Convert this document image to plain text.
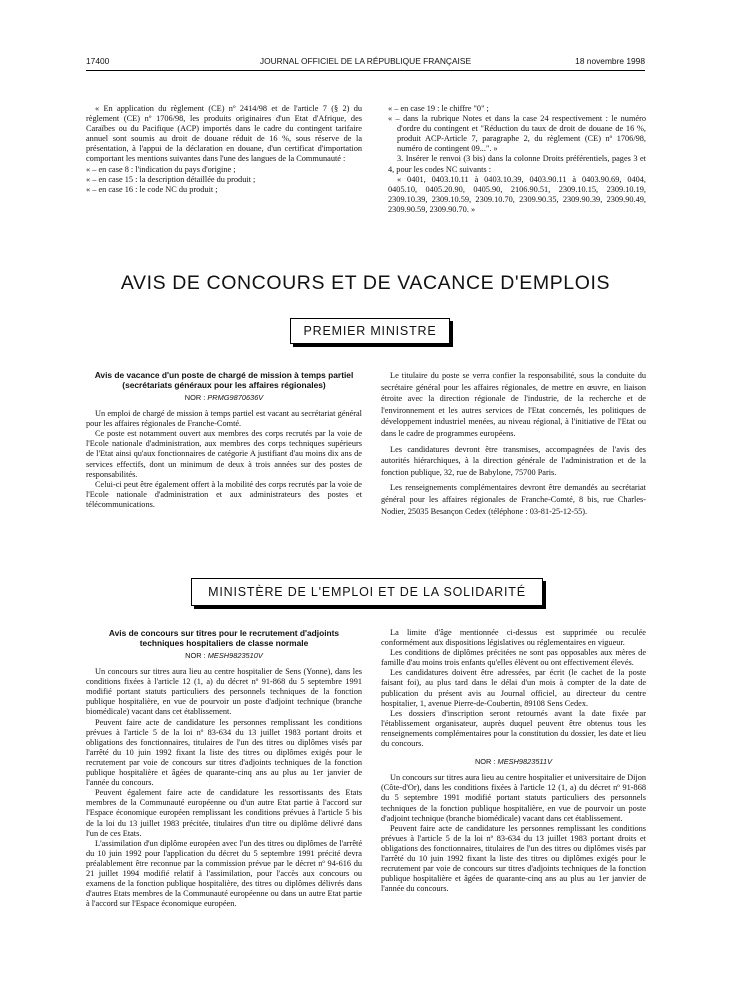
17400	JOURNAL OFFICIEL DE LA RÉPUBLIQUE FRANÇAISE	18 novembre 1998

« En application du règlement (CE) nº 2414/98 et de l'article 7 (§ 2) du règlement (CE) nº 1706/98, les produits originaires d'un Etat d'Afrique, des Caraïbes ou du Pacifique (ACP) importés dans le cadre du contingent tarifaire annuel sont soumis au droit de douane réduit de 16 %, sous réserve de la présentation, à l'appui de la déclaration en douane, d'un certificat d'importation comportant les mentions suivantes dans l'une des langues de la Communauté :

« – en case 8 : l'indication du pays d'origine ;
« – en case 15 : la description détaillée du produit ;
« – en case 16 : le code NC du produit ;
« – en case 19 : le chiffre "0" ;
« – dans la rubrique Notes et dans la case 24 respectivement : le numéro d'ordre du contingent et "Réduction du taux de droit de douane de 16 %, produit ACP-Article 7, paragraphe 2, du règlement (CE) nº 1706/98, numéro de contingent 09...". »

3. Insérer le renvoi (3 bis) dans la colonne Droits préférentiels, pages 3 et 4, pour les codes NC suivants :

« 0401, 0403.10.11 à 0403.10.39, 0403.90.11 à 0403.90.69, 0404, 0405.10, 0405.20.90, 0405.90, 2106.90.51, 2309.10.15, 2309.10.19, 2309.10.39, 2309.10.59, 2309.10.70, 2309.90.35, 2309.90.39, 2309.90.49, 2309.90.59, 2309.90.70. »

AVIS DE CONCOURS ET DE VACANCE D'EMPLOIS
PREMIER MINISTRE
Avis de vacance d'un poste de chargé de mission à temps partiel (secrétariats généraux pour les affaires régionales)
NOR : PRMG9870636V

Un emploi de chargé de mission à temps partiel est vacant au secrétariat général pour les affaires régionales de Franche-Comté.

Ce poste est notamment ouvert aux membres des corps recrutés par la voie de l'Ecole nationale d'administration, aux membres des corps techniques supérieurs de l'Etat ainsi qu'aux fonctionnaires de catégorie A justifiant d'au moins dix ans de services effectifs, dont un minimum de deux à trois années sur des postes de responsabilités.

Celui-ci peut être également offert à la mobilité des corps recrutés par la voie de l'Ecole nationale d'administration et aux administrateurs des postes et télécommunications.

Le titulaire du poste se verra confier la responsabilité, sous la conduite du secrétaire général pour les affaires régionales, de mettre en œuvre, en liaison étroite avec la direction régionale de l'industrie, de la recherche et de l'environnement et les autres services de l'Etat concernés, les politiques de développement industriel menées, au niveau régional, à l'initiative de l'Etat ou dans le cadre de programmes européens.

Les candidatures devront être transmises, accompagnées de l'avis des autorités hiérarchiques, à la direction générale de l'administration et de la fonction publique, 32, rue de Babylone, 75700 Paris.

Les renseignements complémentaires devront être demandés au secrétariat général pour les affaires régionales de Franche-Comté, 8 bis, rue Charles-Nodier, 25035 Besançon Cedex (téléphone : 03-81-25-12-55).

MINISTÈRE DE L'EMPLOI ET DE LA SOLIDARITÉ
Avis de concours sur titres pour le recrutement d'adjoints techniques hospitaliers de classe normale
NOR : MESH9823510V

Un concours sur titres aura lieu au centre hospitalier de Sens (Yonne), dans les conditions fixées à l'article 12 (1, a) du décret nº 91-868 du 5 septembre 1991 modifié portant statuts particuliers des personnels techniques de la fonction publique hospitalière, en vue de pourvoir un poste d'adjoint technique (branche biomédicale) vacant dans cet établissement.

Peuvent faire acte de candidature les personnes remplissant les conditions prévues à l'article 5 de la loi nº 83-634 du 13 juillet 1983 portant droits et obligations des fonctionnaires, titulaires de l'un des titres ou diplômes visés par l'arrêté du 10 juin 1992 fixant la liste des titres ou diplômes exigés pour le recrutement par voie de concours sur titres d'adjoints techniques de la fonction publique hospitalière et âgées de quarante-cinq ans au plus au 1er janvier de l'année du concours.

Peuvent également faire acte de candidature les ressortissants des Etats membres de la Communauté européenne ou d'un autre Etat partie à l'accord sur l'Espace économique européen remplissant les conditions prévues à l'article 5 bis de la loi du 13 juillet 1983 précitée, titulaires d'un titre ou diplôme délivré dans l'un de ces Etats.

L'assimilation d'un diplôme européen avec l'un des titres ou diplômes de l'arrêté du 10 juin 1992 pour l'application du décret du 5 septembre 1991 précité devra préalablement être reconnue par la commission prévue par le décret nº 94-616 du 21 juillet 1994 modifié relatif à l'assimilation, pour l'accès aux concours ou examens de la fonction publique hospitalière, des titres ou diplômes délivrés dans d'autres Etats membres de la Communauté européenne ou dans un autre Etat partie à l'accord sur l'Espace économique européen.

La limite d'âge mentionnée ci-dessus est supprimée ou reculée conformément aux dispositions législatives ou réglementaires en vigueur.

Les conditions de diplômes précitées ne sont pas opposables aux mères de famille d'au moins trois enfants qu'elles élèvent ou ont effectivement élevés.

Les candidatures doivent être adressées, par écrit (le cachet de la poste faisant foi), au plus tard dans le délai d'un mois à compter de la date de publication du présent avis au Journal officiel, au directeur du centre hospitalier, 1, avenue Pierre-de-Coubertin, 89108 Sens Cedex.

Les dossiers d'inscription seront retournés avant la date fixée par l'établissement organisateur, auprès duquel peuvent être obtenus tous les renseignements complémentaires pour la constitution du dossier, les date et lieu du concours.

NOR : MESH9823511V

Un concours sur titres aura lieu au centre hospitalier et universitaire de Dijon (Côte-d'Or), dans les conditions fixées à l'article 12 (1, a) du décret nº 91-868 du 5 septembre 1991 modifié portant statuts particuliers des personnels techniques de la fonction publique hospitalière, en vue de pourvoir un poste d'adjoint technique (branche biomédicale) vacant dans cet établissement.

Peuvent faire acte de candidature les personnes remplissant les conditions prévues à l'article 5 de la loi nº 83-634 du 13 juillet 1983 portant droits et obligations des fonctionnaires, titulaires de l'un des titres ou diplômes visés par l'arrêté du 10 juin 1992 fixant la liste des titres ou diplômes exigés pour le recrutement par voie de concours sur titres d'adjoints techniques de la fonction publique hospitalière et âgées de quarante-cinq ans au plus au 1er janvier de l'année du concours.
